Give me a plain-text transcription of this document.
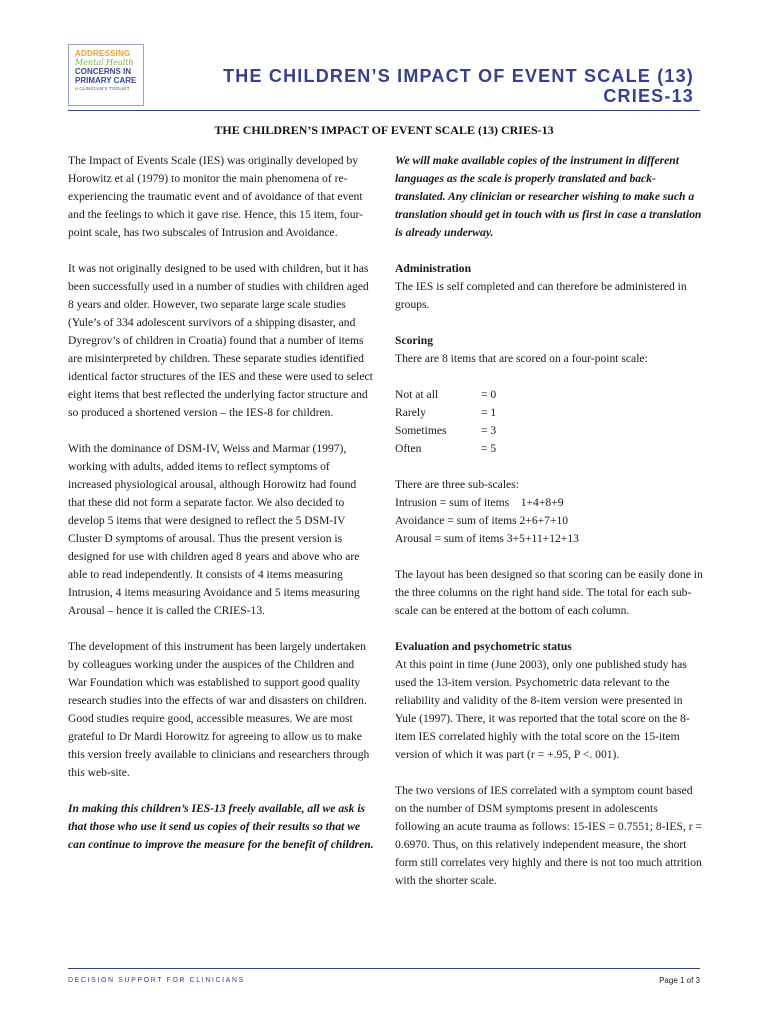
ADDRESSING
Mental Health
CONCERNS IN
PRIMARY CARE
A CLINICIAN'S TOOLKIT
THE CHILDREN’S IMPACT OF EVENT SCALE (13)
CRIES-13
THE CHILDREN’S IMPACT OF EVENT SCALE (13) CRIES-13

The Impact of Events Scale (IES) was originally developed by Horowitz et al (1979) to monitor the main phenomena of re-experiencing the traumatic event and of avoidance of that event and the feelings to which it gave rise. Hence, this 15 item, four-point scale, has two subscales of Intrusion and Avoidance.

It was not originally designed to be used with children, but it has been successfully used in a number of studies with children aged 8 years and older. However, two separate large scale studies (Yule’s of 334 adolescent survivors of a shipping disaster, and Dyregrov’s of children in Croatia) found that a number of items are misinterpreted by children. These separate studies identified identical factor structures of the IES and these were used to select eight items that best reflected the underlying factor structure and so produced a shortened version – the IES-8 for children.

With the dominance of DSM-IV, Weiss and Marmar (1997), working with adults, added items to reflect symptoms of increased physiological arousal, although Horowitz had found that these did not form a separate factor. We also decided to develop 5 items that were designed to reflect the 5 DSM-IV Cluster D symptoms of arousal. Thus the present version is designed for use with children aged 8 years and above who are able to read independently. It consists of 4 items measuring Intrusion, 4 items measuring Avoidance and 5 items measuring Arousal – hence it is called the CRIES-13.

The development of this instrument has been largely undertaken by colleagues working under the auspices of the Children and War Foundation which was established to support good quality research studies into the effects of war and disasters on children. Good studies require good, accessible measures. We are most grateful to Dr Mardi Horowitz for agreeing to allow us to make this version freely available to clinicians and researchers through this web-site.

In making this children’s IES-13 freely available, all we ask is that those who use it send us copies of their results so that we can continue to improve the measure for the benefit of children.

We will make available copies of the instrument in different languages as the scale is properly translated and back-translated. Any clinician or researcher wishing to make such a translation should get in touch with us first in case a translation is already underway.

Administration

The IES is self completed and can therefore be administered in groups.

Scoring

There are 8 items that are scored on a four-point scale:

Not at all	= 0
Rarely	= 1
Sometimes	= 3
Often	= 5
There are three sub-scales:
Intrusion = sum of items    1+4+8+9
Avoidance = sum of items 2+6+7+10
Arousal = sum of items 3+5+11+12+13

The layout has been designed so that scoring can be easily done in the three columns on the right hand side. The total for each sub-scale can be entered at the bottom of each column.

Evaluation and psychometric status

At this point in time (June 2003), only one published study has used the 13-item version. Psychometric data relevant to the reliability and validity of the 8-item version were presented in Yule (1997). There, it was reported that the total score on the 8-item IES correlated highly with the total score on the 15-item version of which it was part (r = +.95, P <. 001).

The two versions of IES correlated with a symptom count based on the number of DSM symptoms present in adolescents following an acute trauma as follows: 15-IES = 0.7551; 8-IES, r = 0.6970. Thus, on this relatively independent measure, the short form still correlates very highly and there is not too much attrition with the shorter scale.

DECISION SUPPORT FOR CLINICIANS	Page 1 of 3
